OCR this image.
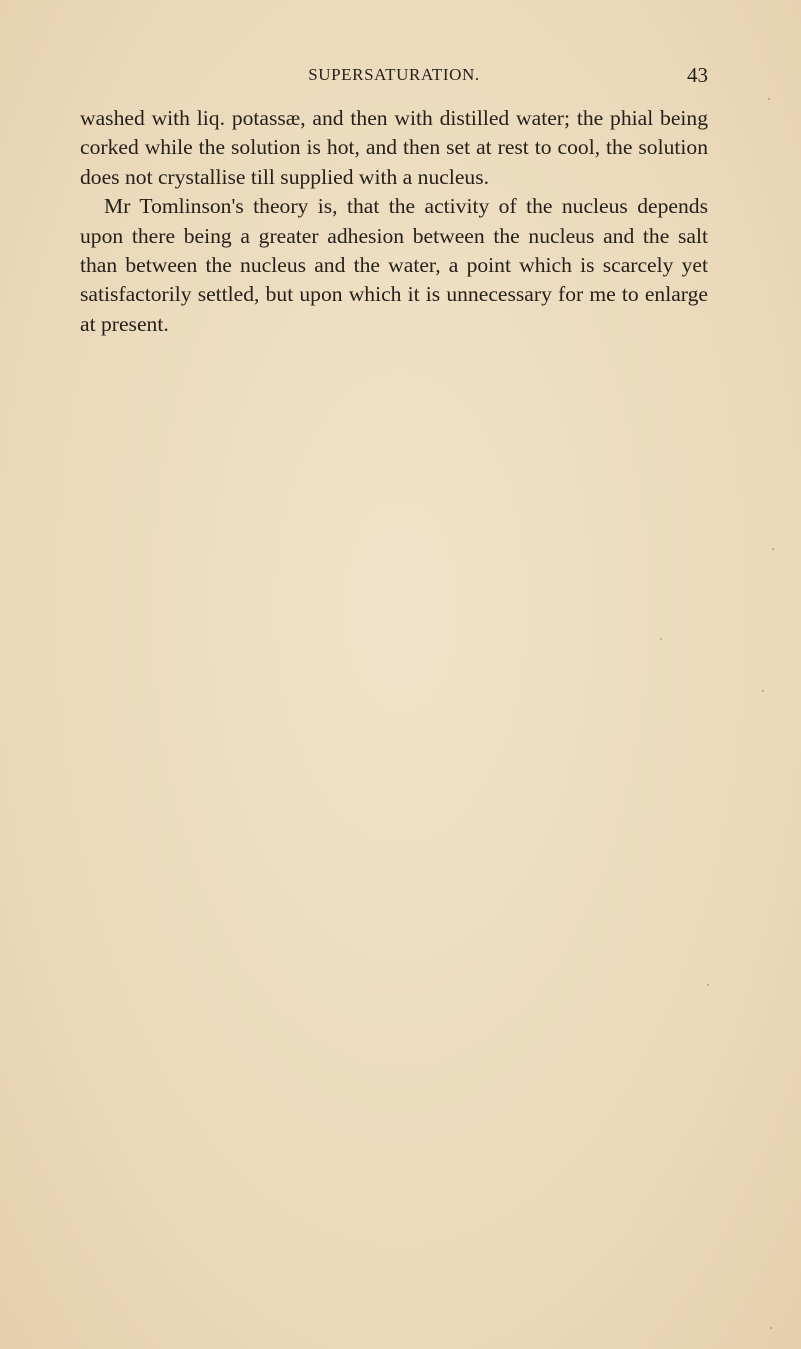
SUPERSATURATION.	43

washed with liq. potassæ, and then with distilled water; the phial being corked while the solution is hot, and then set at rest to cool, the solution does not crystallise till supplied with a nucleus.

Mr Tomlinson's theory is, that the activity of the nucleus depends upon there being a greater adhesion between the nucleus and the salt than between the nucleus and the water, a point which is scarcely yet satisfactorily settled, but upon which it is unnecessary for me to enlarge at present.
